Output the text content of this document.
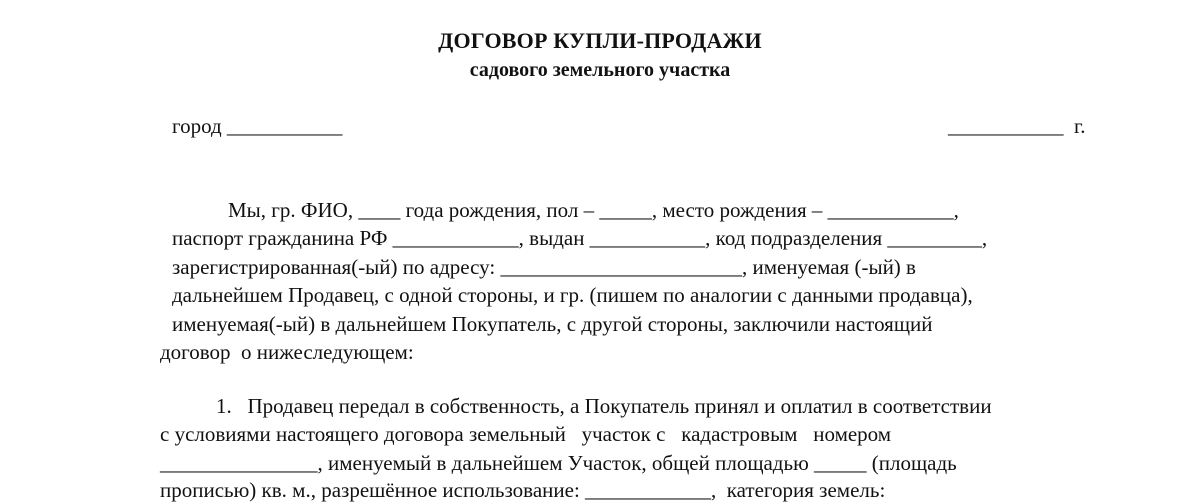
ДОГОВОР КУПЛИ-ПРОДАЖИ
садового земельного участка
город ___________	___________  г.
Мы, гр. ФИО, ____ года рождения, пол – _____, место рождения – ____________,
паспорт гражданина РФ ____________, выдан ___________, код подразделения _________,
зарегистрированная(-ый) по адресу: _______________________, именуемая (-ый) в
дальнейшем Продавец, с одной стороны, и гр. (пишем по аналогии с данными продавца),
именуемая(-ый) в дальнейшем Покупатель, с другой стороны, заключили настоящий
договор  о нижеследующем:
1.   Продавец передал в собственность, а Покупатель принял и оплатил в соответствии
с условиями настоящего договора земельный   участок с   кадастровым   номером
_______________, именуемый в дальнейшем Участок, общей площадью _____ (площадь
прописью) кв. м., разрешённое использование: ____________,  категория земель:
